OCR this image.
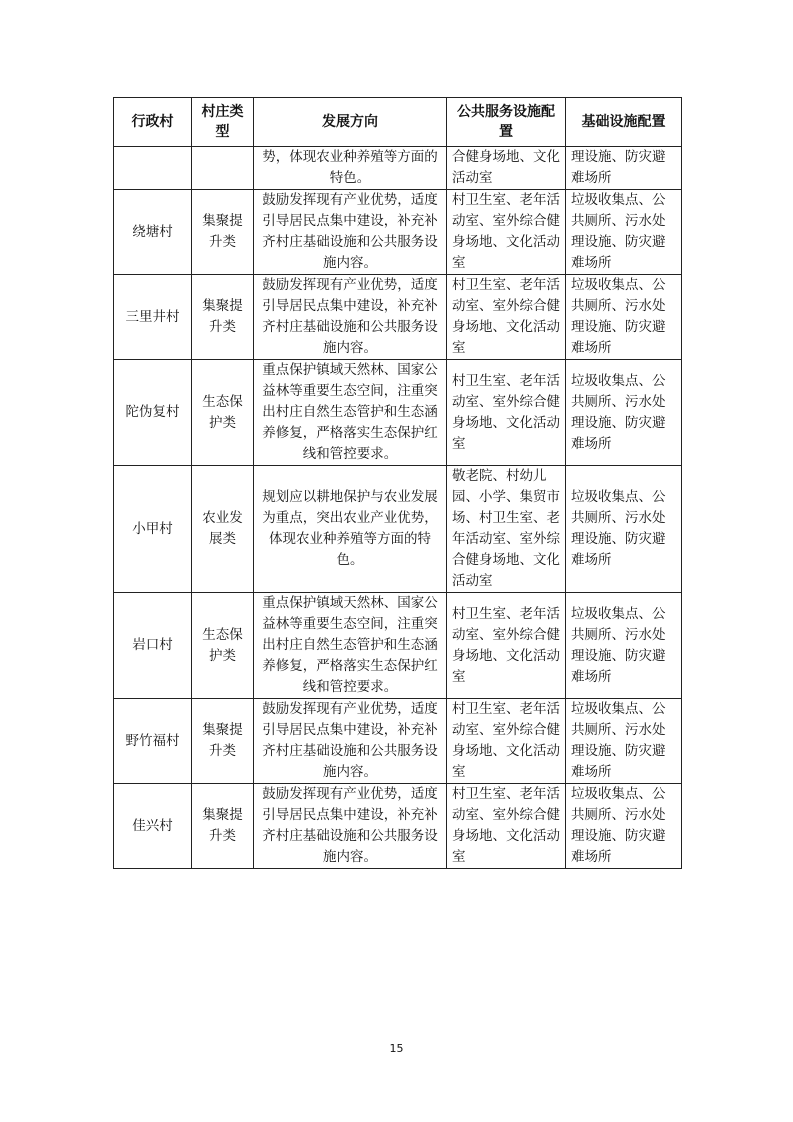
行政村	村庄类型	发展方向	公共服务设施配置	基础设施配置
		势，体现农业种养殖等方面的特色。	合健身场地、文化活动室	理设施、防灾避难场所
绕塘村	集聚提升类	鼓励发挥现有产业优势，适度引导居民点集中建设，补充补齐村庄基础设施和公共服务设施内容。	村卫生室、老年活动室、室外综合健身场地、文化活动室	垃圾收集点、公共厕所、污水处理设施、防灾避难场所
三里井村	集聚提升类	鼓励发挥现有产业优势，适度引导居民点集中建设，补充补齐村庄基础设施和公共服务设施内容。	村卫生室、老年活动室、室外综合健身场地、文化活动室	垃圾收集点、公共厕所、污水处理设施、防灾避难场所
陀伪复村	生态保护类	重点保护镇域天然林、国家公益林等重要生态空间，注重突出村庄自然生态管护和生态涵养修复，严格落实生态保护红线和管控要求。	村卫生室、老年活动室、室外综合健身场地、文化活动室	垃圾收集点、公共厕所、污水处理设施、防灾避难场所
小甲村	农业发展类	规划应以耕地保护与农业发展为重点，突出农业产业优势，体现农业种养殖等方面的特色。	敬老院、村幼儿园、小学、集贸市场、村卫生室、老年活动室、室外综合健身场地、文化活动室	垃圾收集点、公共厕所、污水处理设施、防灾避难场所
岩口村	生态保护类	重点保护镇域天然林、国家公益林等重要生态空间，注重突出村庄自然生态管护和生态涵养修复，严格落实生态保护红线和管控要求。	村卫生室、老年活动室、室外综合健身场地、文化活动室	垃圾收集点、公共厕所、污水处理设施、防灾避难场所
野竹福村	集聚提升类	鼓励发挥现有产业优势，适度引导居民点集中建设，补充补齐村庄基础设施和公共服务设施内容。	村卫生室、老年活动室、室外综合健身场地、文化活动室	垃圾收集点、公共厕所、污水处理设施、防灾避难场所
佳兴村	集聚提升类	鼓励发挥现有产业优势，适度引导居民点集中建设，补充补齐村庄基础设施和公共服务设施内容。	村卫生室、老年活动室、室外综合健身场地、文化活动室	垃圾收集点、公共厕所、污水处理设施、防灾避难场所
15
